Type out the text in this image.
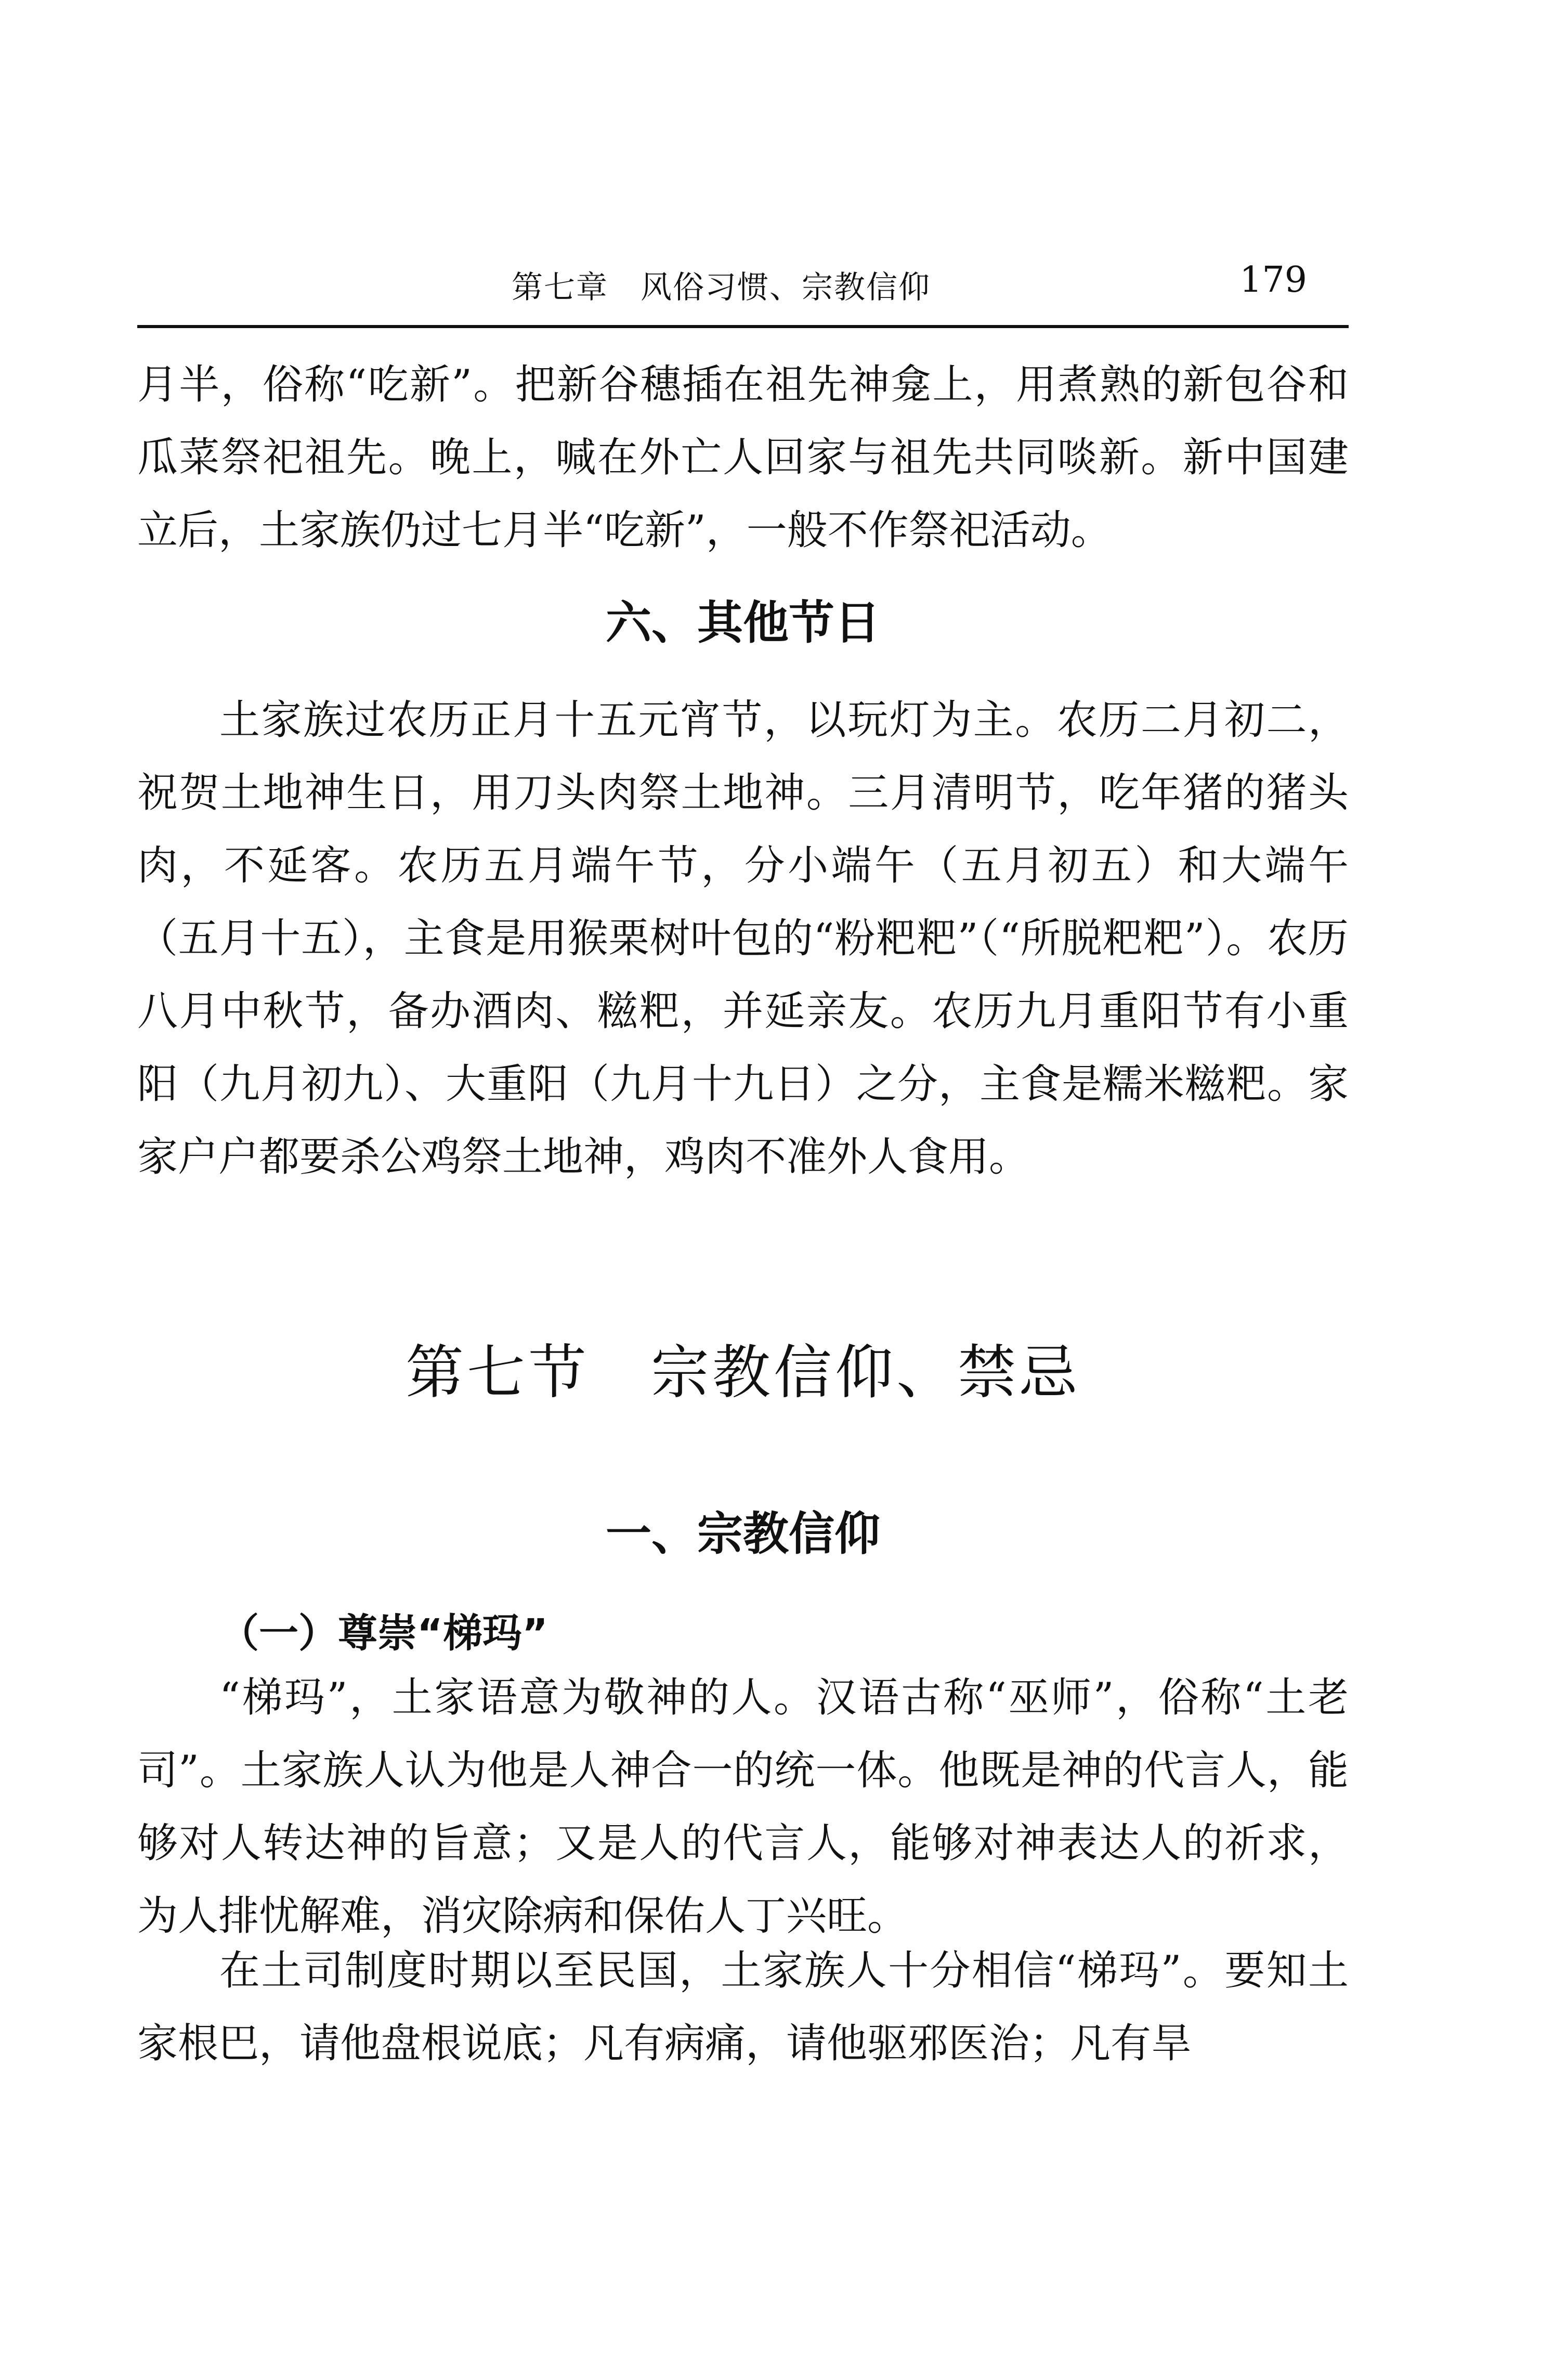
第七章　风俗习惯、宗教信仰	179

月半，俗称“吃新”。把新谷穗插在祖先神龛上，用煮熟的新包谷和瓜菜祭祀祖先。晚上，喊在外亡人回家与祖先共同啖新。新中国建立后，土家族仍过七月半“吃新”，一般不作祭祀活动。

六、其他节日

土家族过农历正月十五元宵节，以玩灯为主。农历二月初二，祝贺土地神生日，用刀头肉祭土地神。三月清明节，吃年猪的猪头肉，不延客。农历五月端午节，分小端午（五月初五）和大端午（五月十五），主食是用猴栗树叶包的“粉粑粑”（“所脱粑粑”）。农历八月中秋节，备办酒肉、糍粑，并延亲友。农历九月重阳节有小重阳（九月初九）、大重阳（九月十九日）之分，主食是糯米糍粑。家家户户都要杀公鸡祭土地神，鸡肉不准外人食用。

第七节　宗教信仰、禁忌
一、宗教信仰
（一）尊崇“梯玛”

“梯玛”，土家语意为敬神的人。汉语古称“巫师”，俗称“土老司”。土家族人认为他是人神合一的统一体。他既是神的代言人，能够对人转达神的旨意；又是人的代言人，能够对神表达人的祈求，为人排忧解难，消灾除病和保佑人丁兴旺。

在土司制度时期以至民国，土家族人十分相信“梯玛”。要知土家根巴，请他盘根说底；凡有病痛，请他驱邪医治；凡有旱
